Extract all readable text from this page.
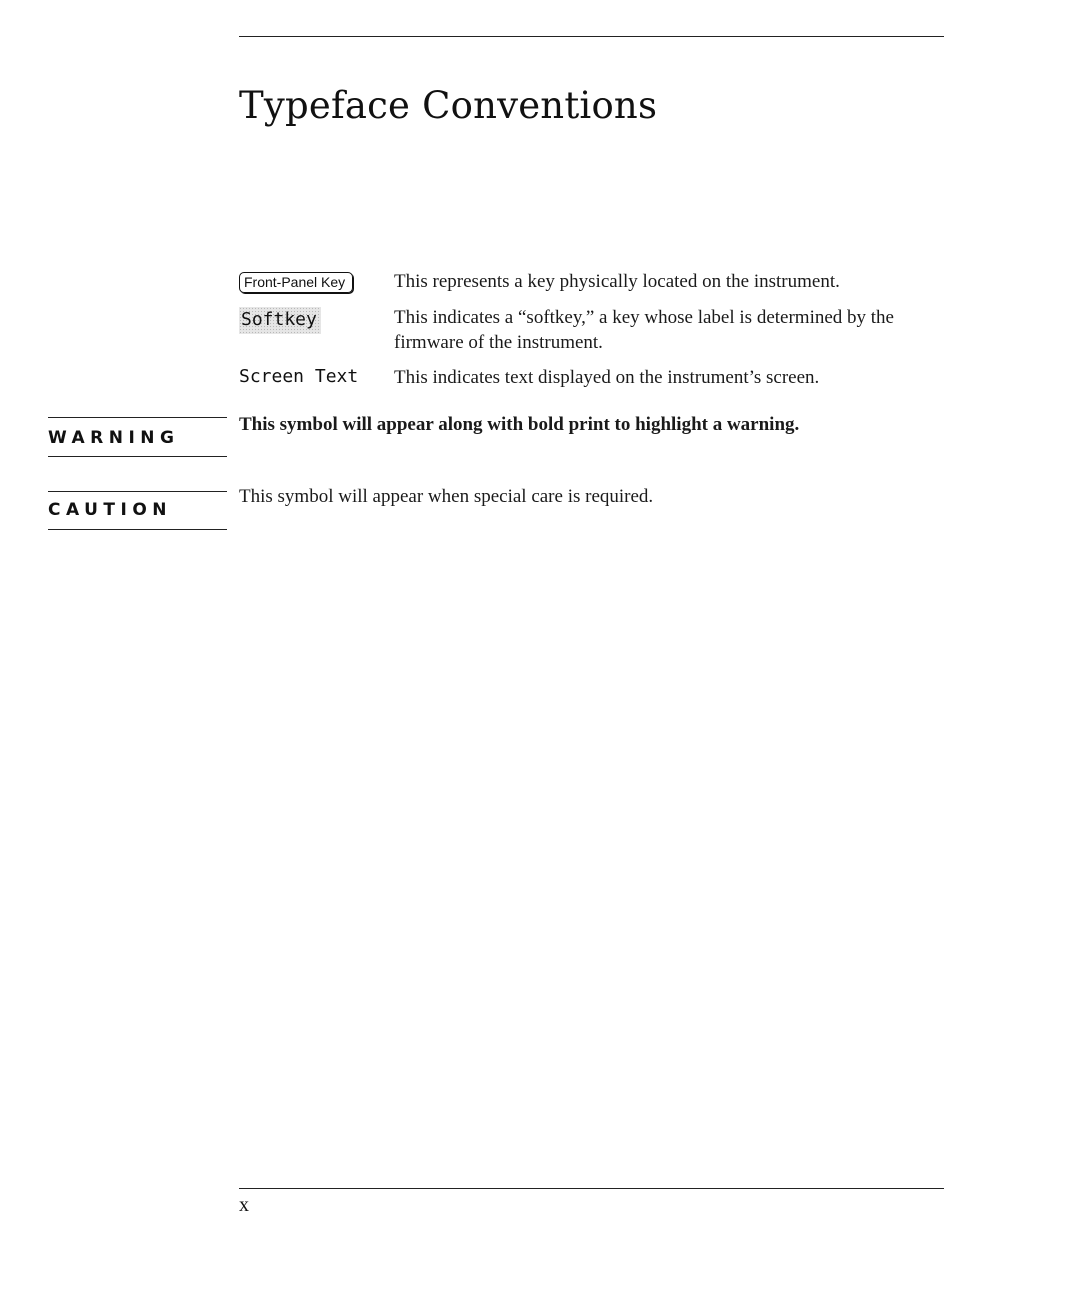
Typeface Conventions
Front-Panel Key	This represents a key physically located on the instrument.
Softkey	This indicates a “softkey,” a key whose label is determined by the firmware of the instrument.
Screen Text This indicates text displayed on the instrument’s screen.
WARNING
This symbol will appear along with bold print to highlight a warning.
CAUTION
This symbol will appear when special care is required.
x
